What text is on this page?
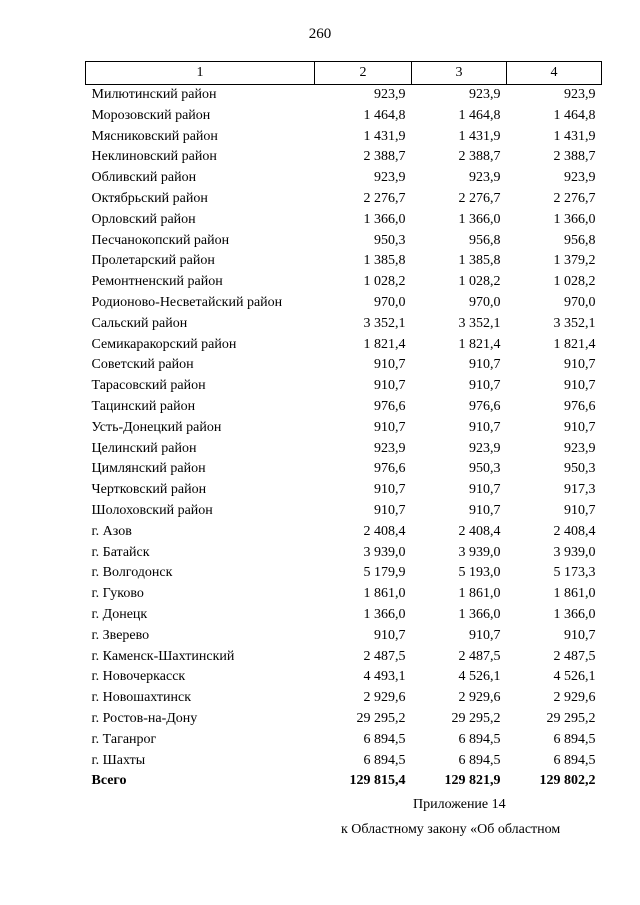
260
1	2	3	4
Милютинский район	923,9	923,9	923,9
Морозовский район	1 464,8	1 464,8	1 464,8
Мясниковский район	1 431,9	1 431,9	1 431,9
Неклиновский район	2 388,7	2 388,7	2 388,7
Обливский район	923,9	923,9	923,9
Октябрьский район	2 276,7	2 276,7	2 276,7
Орловский район	1 366,0	1 366,0	1 366,0
Песчанокопский район	950,3	956,8	956,8
Пролетарский район	1 385,8	1 385,8	1 379,2
Ремонтненский район	1 028,2	1 028,2	1 028,2
Родионово-Несветайский район	970,0	970,0	970,0
Сальский район	3 352,1	3 352,1	3 352,1
Семикаракорский район	1 821,4	1 821,4	1 821,4
Советский район	910,7	910,7	910,7
Тарасовский район	910,7	910,7	910,7
Тацинский район	976,6	976,6	976,6
Усть-Донецкий район	910,7	910,7	910,7
Целинский район	923,9	923,9	923,9
Цимлянский район	976,6	950,3	950,3
Чертковский район	910,7	910,7	917,3
Шолоховский район	910,7	910,7	910,7
г. Азов	2 408,4	2 408,4	2 408,4
г. Батайск	3 939,0	3 939,0	3 939,0
г. Волгодонск	5 179,9	5 193,0	5 173,3
г. Гуково	1 861,0	1 861,0	1 861,0
г. Донецк	1 366,0	1 366,0	1 366,0
г. Зверево	910,7	910,7	910,7
г. Каменск-Шахтинский	2 487,5	2 487,5	2 487,5
г. Новочеркасск	4 493,1	4 526,1	4 526,1
г. Новошахтинск	2 929,6	2 929,6	2 929,6
г. Ростов-на-Дону	29 295,2	29 295,2	29 295,2
г. Таганрог	6 894,5	6 894,5	6 894,5
г. Шахты	6 894,5	6 894,5	6 894,5
Всего	129 815,4	129 821,9	129 802,2
Приложение 14
к Областному закону «Об областном
